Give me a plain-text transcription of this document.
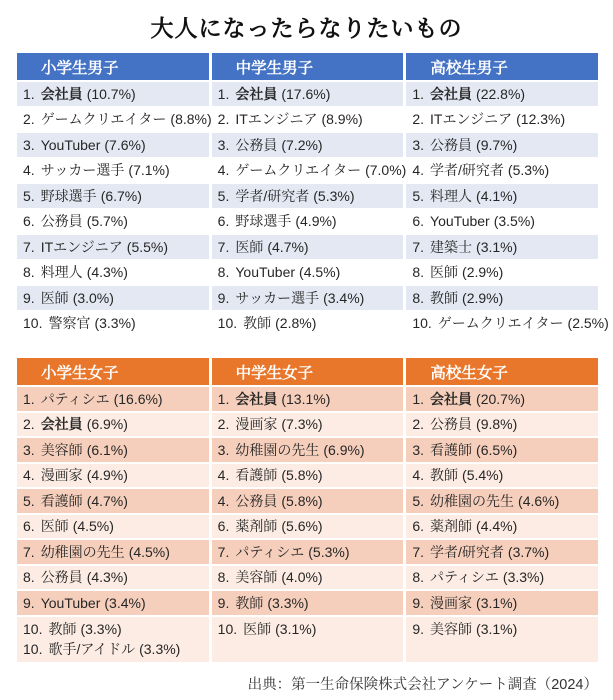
大人になったらなりたいもの
小学生男子
1. 会社員 (10.7%)
2. ゲームクリエイター (8.8%)
3. YouTuber (7.6%)
4. サッカー選手 (7.1%)
5. 野球選手 (6.7%)
6. 公務員 (5.7%)
7. ITエンジニア (5.5%)
8. 料理人 (4.3%)
9. 医師 (3.0%)
10. 警察官 (3.3%)
中学生男子
1. 会社員 (17.6%)
2. ITエンジニア (8.9%)
3. 公務員 (7.2%)
4. ゲームクリエイター (7.0%)
5. 学者/研究者 (5.3%)
6. 野球選手 (4.9%)
7. 医師 (4.7%)
8. YouTuber (4.5%)
9. サッカー選手 (3.4%)
10. 教師 (2.8%)
高校生男子
1. 会社員 (22.8%)
2. ITエンジニア (12.3%)
3. 公務員 (9.7%)
4. 学者/研究者 (5.3%)
5. 料理人 (4.1%)
6. YouTuber (3.5%)
7. 建築士 (3.1%)
8. 医師 (2.9%)
8. 教師 (2.9%)
10. ゲームクリエイター (2.5%)
小学生女子
1. パティシエ (16.6%)
2. 会社員 (6.9%)
3. 美容師 (6.1%)
4. 漫画家 (4.9%)
5. 看護師 (4.7%)
6. 医師 (4.5%)
7. 幼稚園の先生 (4.5%)
8. 公務員 (4.3%)
9. YouTuber (3.4%)
10. 教師 (3.3%)
10. 歌手/アイドル (3.3%)
中学生女子
1. 会社員 (13.1%)
2. 漫画家 (7.3%)
3. 幼稚園の先生 (6.9%)
4. 看護師 (5.8%)
4. 公務員 (5.8%)
6. 薬剤師 (5.6%)
7. パティシエ (5.3%)
8. 美容師 (4.0%)
9. 教師 (3.3%)
10. 医師 (3.1%)
高校生女子
1. 会社員 (20.7%)
2. 公務員 (9.8%)
3. 看護師 (6.5%)
4. 教師 (5.4%)
5. 幼稚園の先生 (4.6%)
6. 薬剤師 (4.4%)
7. 学者/研究者 (3.7%)
8. パティシエ (3.3%)
9. 漫画家 (3.1%)
9. 美容師 (3.1%)
出典：第一生命保険株式会社アンケート調査（2024）
